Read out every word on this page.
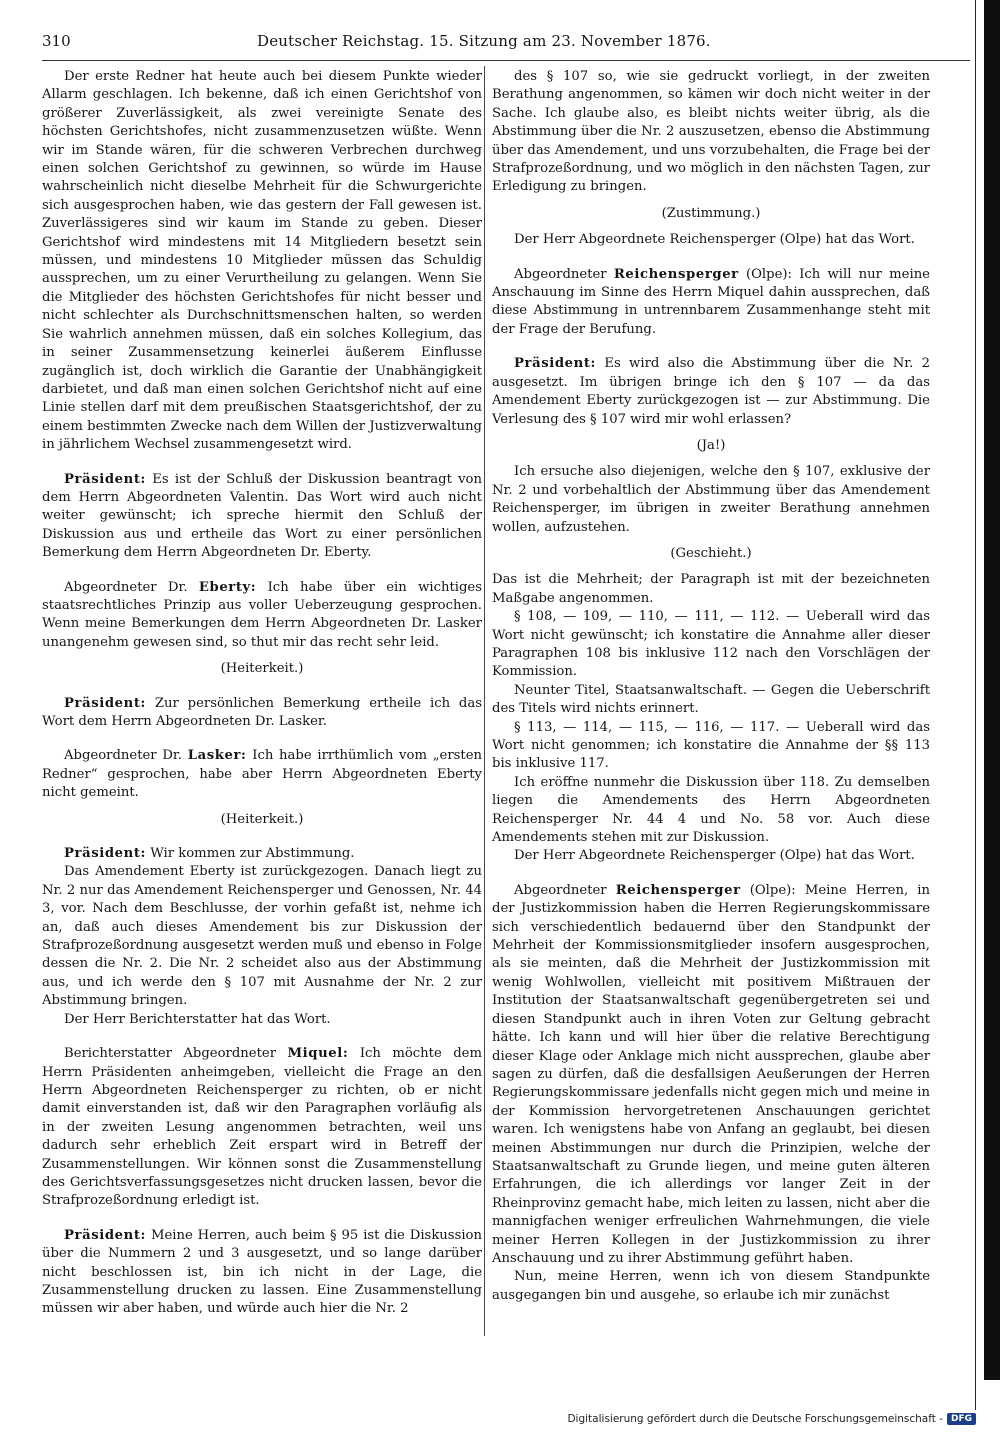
310	Deutscher Reichstag. 15. Sitzung am 23. November 1876.

Der erste Redner hat heute auch bei diesem Punkte wieder Allarm geschlagen. Ich bekenne, daß ich einen Gerichtshof von größerer Zuverlässigkeit, als zwei vereinigte Senate des höchsten Gerichtshofes, nicht zusammenzusetzen wüßte. Wenn wir im Stande wären, für die schweren Verbrechen durchweg einen solchen Gerichtshof zu gewinnen, so würde im Hause wahrscheinlich nicht dieselbe Mehrheit für die Schwurgerichte sich ausgesprochen haben, wie das gestern der Fall gewesen ist. Zuverlässigeres sind wir kaum im Stande zu geben. Dieser Gerichtshof wird mindestens mit 14 Mitgliedern besetzt sein müssen, und mindestens 10 Mitglieder müssen das Schuldig aussprechen, um zu einer Verurtheilung zu gelangen. Wenn Sie die Mitglieder des höchsten Gerichtshofes für nicht besser und nicht schlechter als Durchschnittsmenschen halten, so werden Sie wahrlich annehmen müssen, daß ein solches Kollegium, das in seiner Zusammensetzung keinerlei äußerem Einflusse zugänglich ist, doch wirklich die Garantie der Unabhängigkeit darbietet, und daß man einen solchen Gerichtshof nicht auf eine Linie stellen darf mit dem preußischen Staatsgerichtshof, der zu einem bestimmten Zwecke nach dem Willen der Justizverwaltung in jährlichem Wechsel zusammengesetzt wird.

Präsident: Es ist der Schluß der Diskussion beantragt von dem Herrn Abgeordneten Valentin. Das Wort wird auch nicht weiter gewünscht; ich spreche hiermit den Schluß der Diskussion aus und ertheile das Wort zu einer persönlichen Bemerkung dem Herrn Abgeordneten Dr. Eberty.

Abgeordneter Dr. Eberty: Ich habe über ein wichtiges staatsrechtliches Prinzip aus voller Ueberzeugung gesprochen. Wenn meine Bemerkungen dem Herrn Abgeordneten Dr. Lasker unangenehm gewesen sind, so thut mir das recht sehr leid.

(Heiterkeit.)

Präsident: Zur persönlichen Bemerkung ertheile ich das Wort dem Herrn Abgeordneten Dr. Lasker.

Abgeordneter Dr. Lasker: Ich habe irrthümlich vom „ersten Redner“ gesprochen, habe aber Herrn Abgeordneten Eberty nicht gemeint.

(Heiterkeit.)

Präsident: Wir kommen zur Abstimmung.

Das Amendement Eberty ist zurückgezogen. Danach liegt zu Nr. 2 nur das Amendement Reichensperger und Genossen, Nr. 44 3, vor. Nach dem Beschlusse, der vorhin gefaßt ist, nehme ich an, daß auch dieses Amendement bis zur Diskussion der Strafprozeßordnung ausgesetzt werden muß und ebenso in Folge dessen die Nr. 2. Die Nr. 2 scheidet also aus der Abstimmung aus, und ich werde den § 107 mit Ausnahme der Nr. 2 zur Abstimmung bringen.

Der Herr Berichterstatter hat das Wort.

Berichterstatter Abgeordneter Miquel: Ich möchte dem Herrn Präsidenten anheimgeben, vielleicht die Frage an den Herrn Abgeordneten Reichensperger zu richten, ob er nicht damit einverstanden ist, daß wir den Paragraphen vorläufig als in der zweiten Lesung angenommen betrachten, weil uns dadurch sehr erheblich Zeit erspart wird in Betreff der Zusammenstellungen. Wir können sonst die Zusammenstellung des Gerichtsverfassungsgesetzes nicht drucken lassen, bevor die Strafprozeßordnung erledigt ist.

Präsident: Meine Herren, auch beim § 95 ist die Diskussion über die Nummern 2 und 3 ausgesetzt, und so lange darüber nicht beschlossen ist, bin ich nicht in der Lage, die Zusammenstellung drucken zu lassen. Eine Zusammenstellung müssen wir aber haben, und würde auch hier die Nr. 2

des § 107 so, wie sie gedruckt vorliegt, in der zweiten Berathung angenommen, so kämen wir doch nicht weiter in der Sache. Ich glaube also, es bleibt nichts weiter übrig, als die Abstimmung über die Nr. 2 auszusetzen, ebenso die Abstimmung über das Amendement, und uns vorzubehalten, die Frage bei der Strafprozeßordnung, und wo möglich in den nächsten Tagen, zur Erledigung zu bringen.

(Zustimmung.)

Der Herr Abgeordnete Reichensperger (Olpe) hat das Wort.

Abgeordneter Reichensperger (Olpe): Ich will nur meine Anschauung im Sinne des Herrn Miquel dahin aussprechen, daß diese Abstimmung in untrennbarem Zusammenhange steht mit der Frage der Berufung.

Präsident: Es wird also die Abstimmung über die Nr. 2 ausgesetzt. Im übrigen bringe ich den § 107 — da das Amendement Eberty zurückgezogen ist — zur Abstimmung. Die Verlesung des § 107 wird mir wohl erlassen?

(Ja!)

Ich ersuche also diejenigen, welche den § 107, exklusive der Nr. 2 und vorbehaltlich der Abstimmung über das Amendement Reichensperger, im übrigen in zweiter Berathung annehmen wollen, aufzustehen.

(Geschieht.)

Das ist die Mehrheit; der Paragraph ist mit der bezeichneten Maßgabe angenommen.

§ 108, — 109, — 110, — 111, — 112. — Ueberall wird das Wort nicht gewünscht; ich konstatire die Annahme aller dieser Paragraphen 108 bis inklusive 112 nach den Vorschlägen der Kommission.

Neunter Titel, Staatsanwaltschaft. — Gegen die Ueberschrift des Titels wird nichts erinnert.

§ 113, — 114, — 115, — 116, — 117. — Ueberall wird das Wort nicht genommen; ich konstatire die Annahme der §§ 113 bis inklusive 117.

Ich eröffne nunmehr die Diskussion über 118. Zu demselben liegen die Amendements des Herrn Abgeordneten Reichensperger Nr. 44 4 und No. 58 vor. Auch diese Amendements stehen mit zur Diskussion.

Der Herr Abgeordnete Reichensperger (Olpe) hat das Wort.

Abgeordneter Reichensperger (Olpe): Meine Herren, in der Justizkommission haben die Herren Regierungskommissare sich verschiedentlich bedauernd über den Standpunkt der Mehrheit der Kommissionsmitglieder insofern ausgesprochen, als sie meinten, daß die Mehrheit der Justizkommission mit wenig Wohlwollen, vielleicht mit positivem Mißtrauen der Institution der Staatsanwaltschaft gegenübergetreten sei und diesen Standpunkt auch in ihren Voten zur Geltung gebracht hätte. Ich kann und will hier über die relative Berechtigung dieser Klage oder Anklage mich nicht aussprechen, glaube aber sagen zu dürfen, daß die desfallsigen Aeußerungen der Herren Regierungskommissare jedenfalls nicht gegen mich und meine in der Kommission hervorgetretenen Anschauungen gerichtet waren. Ich wenigstens habe von Anfang an geglaubt, bei diesen meinen Abstimmungen nur durch die Prinzipien, welche der Staatsanwaltschaft zu Grunde liegen, und meine guten älteren Erfahrungen, die ich allerdings vor langer Zeit in der Rheinprovinz gemacht habe, mich leiten zu lassen, nicht aber die mannigfachen weniger erfreulichen Wahrnehmungen, die viele meiner Herren Kollegen in der Justizkommission zu ihrer Anschauung und zu ihrer Abstimmung geführt haben.

Nun, meine Herren, wenn ich von diesem Standpunkte ausgegangen bin und ausgehe, so erlaube ich mir zunächst

Digitalisierung gefördert durch die Deutsche Forschungsgemeinschaft - DFG
